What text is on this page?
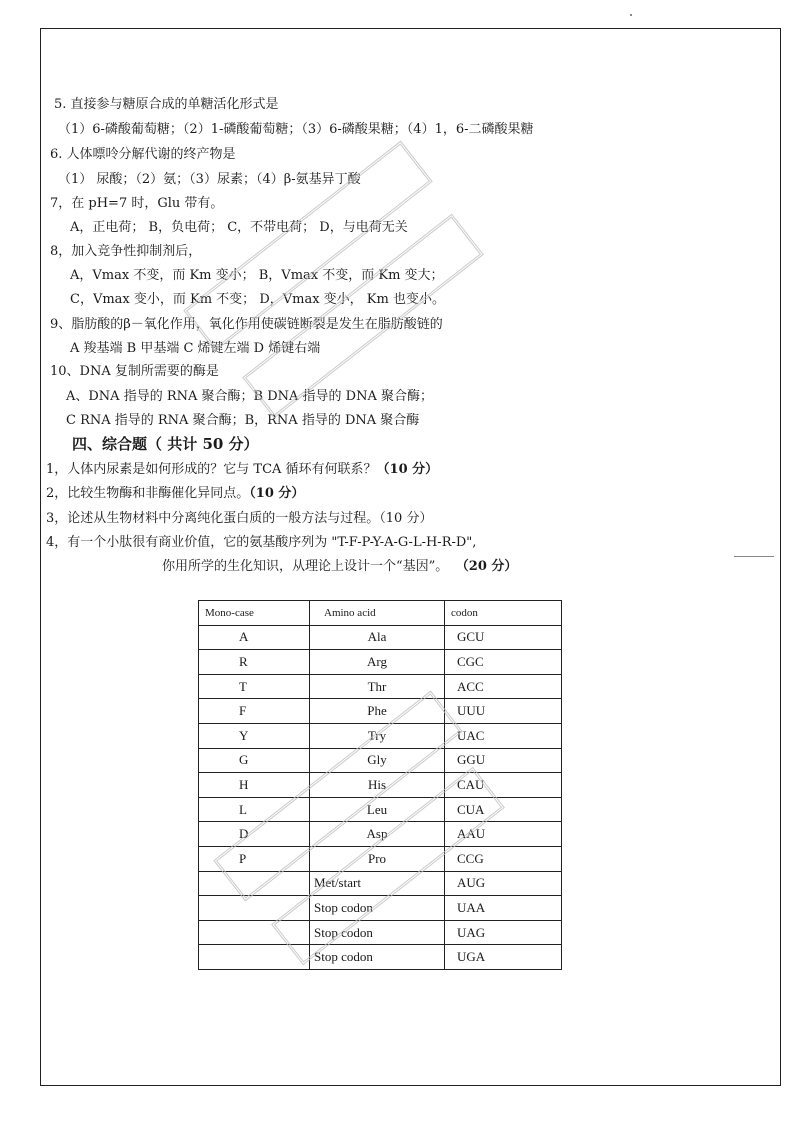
5. 直接参与糖原合成的单糖活化形式是
（1）6-磷酸葡萄糖；（2）1-磷酸葡萄糖；（3）6-磷酸果糖；（4）1，6-二磷酸果糖
6. 人体嘌呤分解代谢的终产物是
（1） 尿酸；（2）氨；（3）尿素；（4）β-氨基异丁酸
7，在 pH=7 时，Glu 带有。
A，正电荷； B，负电荷； C，不带电荷； D，与电荷无关
8，加入竞争性抑制剂后，
A，Vmax 不变，而 Km 变小； B，Vmax 不变，而 Km 变大；
C，Vmax 变小，而 Km 不变； D，Vmax 变小， Km 也变小。
9、脂肪酸的β－氧化作用，氧化作用使碳链断裂是发生在脂肪酸链的
A 羧基端 B 甲基端 C 烯键左端 D 烯键右端
10、DNA 复制所需要的酶是
A、DNA 指导的 RNA 聚合酶；B DNA 指导的 DNA 聚合酶；
C RNA 指导的 RNA 聚合酶；B，RNA 指导的 DNA 聚合酶
四、综合题（ 共计 50 分）
1，人体内尿素是如何形成的？它与 TCA 循环有何联系？（10 分）
2，比较生物酶和非酶催化异同点。（10 分）
3，论述从生物材料中分离纯化蛋白质的一般方法与过程。（10 分）
4，有一个小肽很有商业价值，它的氨基酸序列为 "T-F-P-Y-A-G-L-H-R-D",
你用所学的生化知识，从理论上设计一个“基因”。 （20 分）
Mono-case	Amino acid	codon
A	Ala	GCU
R	Arg	CGC
T	Thr	ACC
F	Phe	UUU
Y	Try	UAC
G	Gly	GGU
H	His	CAU
L	Leu	CUA
D	Asp	AAU
P	Pro	CCG
	Met/start	AUG
	Stop codon	UAA
	Stop codon	UAG
	Stop codon	UGA
